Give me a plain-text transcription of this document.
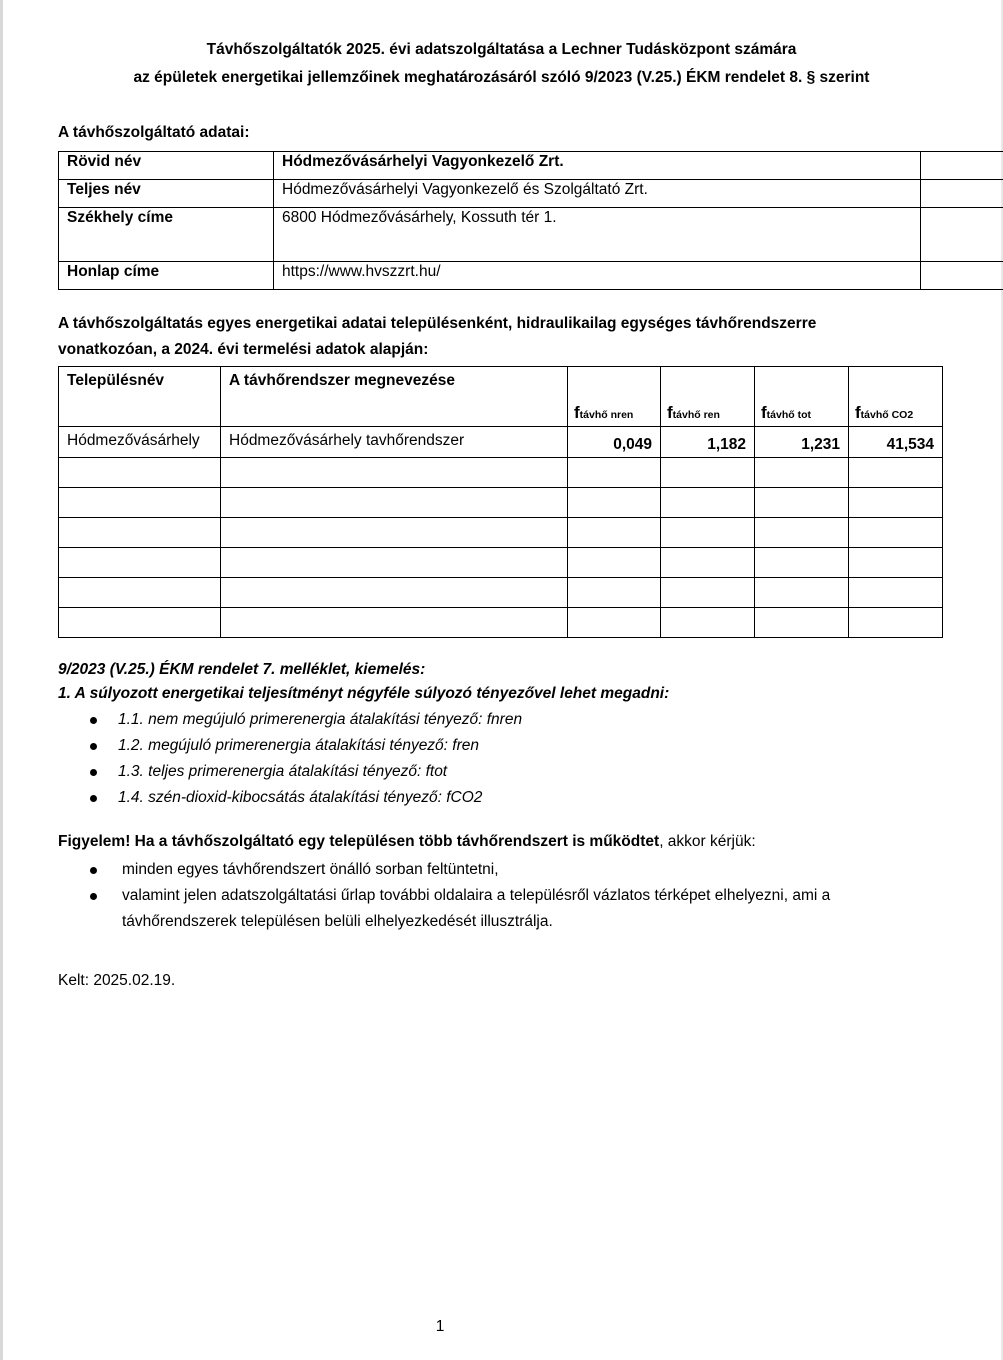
Távhőszolgáltatók 2025. évi adatszolgáltatása a Lechner Tudásközpont számára
az épületek energetikai jellemzőinek meghatározásáról szóló 9/2023 (V.25.) ÉKM rendelet 8. § szerint
A távhőszolgáltató adatai:
Rövid név	Hódmezővásárhelyi Vagyonkezelő Zrt.	
Teljes név	Hódmezővásárhelyi Vagyonkezelő és Szolgáltató Zrt.	
Székhely címe	6800 Hódmezővásárhely, Kossuth tér 1.	
Honlap címe	https://www.hvszzrt.hu/	
A távhőszolgáltatás egyes energetikai adatai településenként, hidraulikailag egységes távhőrendszerre
vonatkozóan, a 2024. évi termelési adatok alapján:
Településnév	A távhőrendszer megnevezése	ftávhő nren	ftávhő ren	ftávhő tot	ftávhő CO2
Hódmezővásárhely	Hódmezővásárhely tavhőrendszer	0,049	1,182	1,231	41,534

9/2023 (V.25.) ÉKM rendelet 7. melléklet, kiemelés:
1. A súlyozott energetikai teljesítményt négyféle súlyozó tényezővel lehet megadni:
1.1. nem megújuló primerenergia átalakítási tényező: fnren
1.2. megújuló primerenergia átalakítási tényező: fren
1.3. teljes primerenergia átalakítási tényező: ftot
1.4. szén-dioxid-kibocsátás átalakítási tényező: fCO2
Figyelem! Ha a távhőszolgáltató egy településen több távhőrendszert is működtet, akkor kérjük:
minden egyes távhőrendszert önálló sorban feltüntetni,
valamint jelen adatszolgáltatási űrlap további oldalaira a településről vázlatos térképet elhelyezni, ami a távhőrendszerek településen belüli elhelyezkedését illusztrálja.
Kelt: 2025.02.19.
1
